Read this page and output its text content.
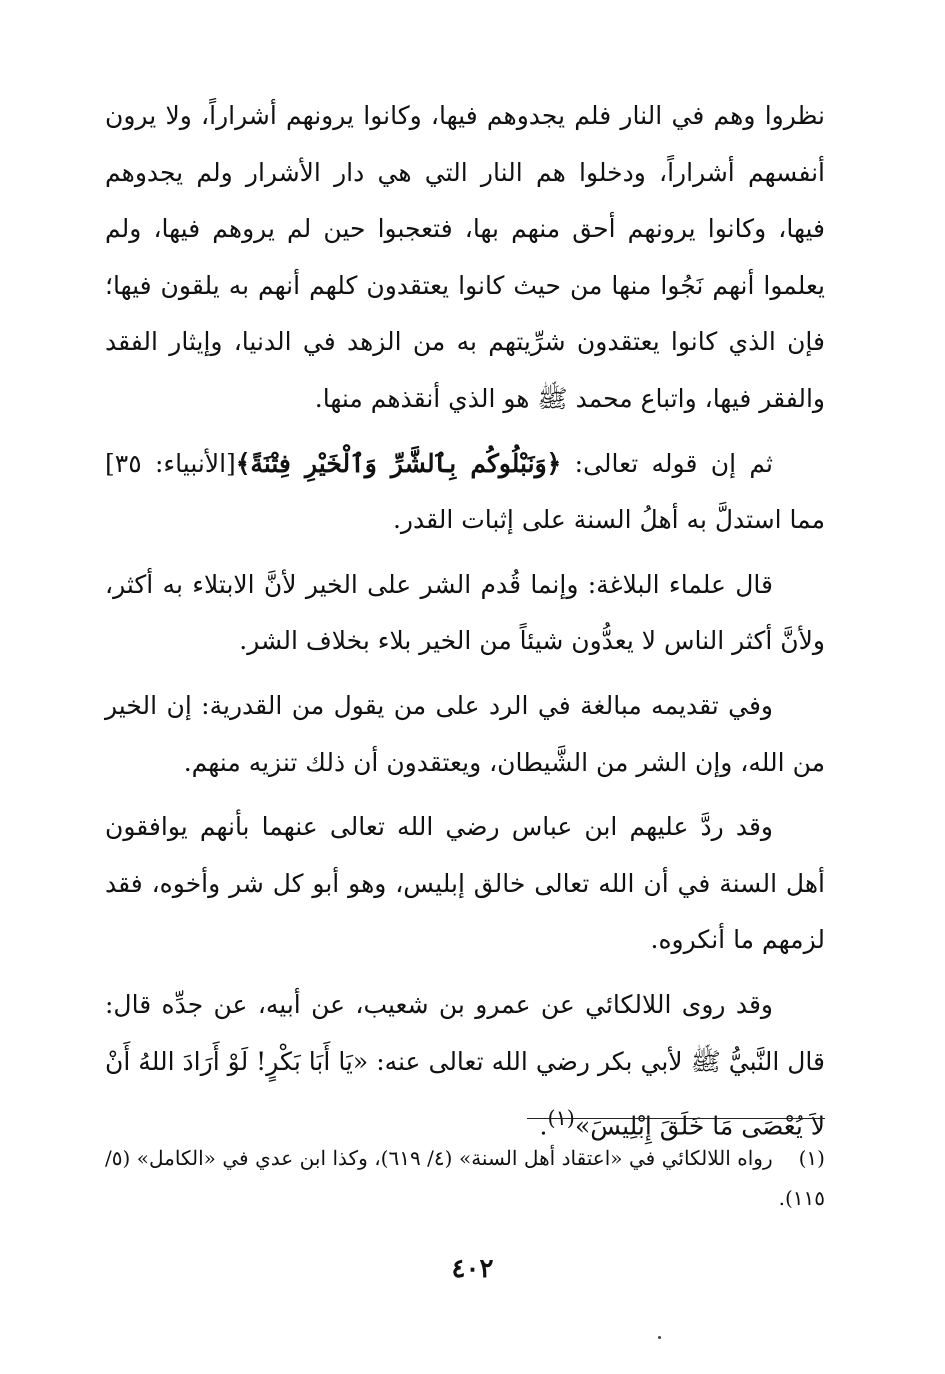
نظروا وهم في النار فلم يجدوهم فيها، وكانوا يرونهم أشراراً، ولا يرون أنفسهم أشراراً، ودخلوا هم النار التي هي دار الأشرار ولم يجدوهم فيها، وكانوا يرونهم أحق منهم بها، فتعجبوا حين لم يروهم فيها، ولم يعلموا أنهم نَجُوا منها من حيث كانوا يعتقدون كلهم أنهم به يلقون فيها؛ فإن الذي كانوا يعتقدون شرِّيتهم به من الزهد في الدنيا، وإيثار الفقد والفقر فيها، واتباع محمد ﷺ هو الذي أنقذهم منها.

ثم إن قوله تعالى: ﴿وَنَبْلُوكُم بِٱلشَّرِّ وَٱلْخَيْرِ فِتْنَةً﴾[الأنبياء: ٣٥] مما استدلَّ به أهلُ السنة على إثبات القدر.

قال علماء البلاغة: وإنما قُدم الشر على الخير لأنَّ الابتلاء به أكثر، ولأنَّ أكثر الناس لا يعدُّون شيئاً من الخير بلاء بخلاف الشر.

وفي تقديمه مبالغة في الرد على من يقول من القدرية: إن الخير من الله، وإن الشر من الشَّيطان، ويعتقدون أن ذلك تنزيه منهم.

وقد ردَّ عليهم ابن عباس رضي الله تعالى عنهما بأنهم يوافقون أهل السنة في أن الله تعالى خالق إبليس، وهو أبو كل شر وأخوه، فقد لزمهم ما أنكروه.

وقد روى اللالكائي عن عمرو بن شعيب، عن أبيه، عن جدِّه قال: قال النَّبيُّ ﷺ لأبي بكر رضي الله تعالى عنه: «يَا أَبَا بَكْرٍ! لَوْ أَرَادَ اللهُ أَنْ لاَ يُعْصَى مَا خَلَقَ إِبْلِيسَ»$^{(١)}$.

(١)رواه اللالكائي في «اعتقاد أهل السنة» (٤/ ٦١٩)، وكذا ابن عدي في «الكامل» (٥/ ١١٥).
٤٠٢
